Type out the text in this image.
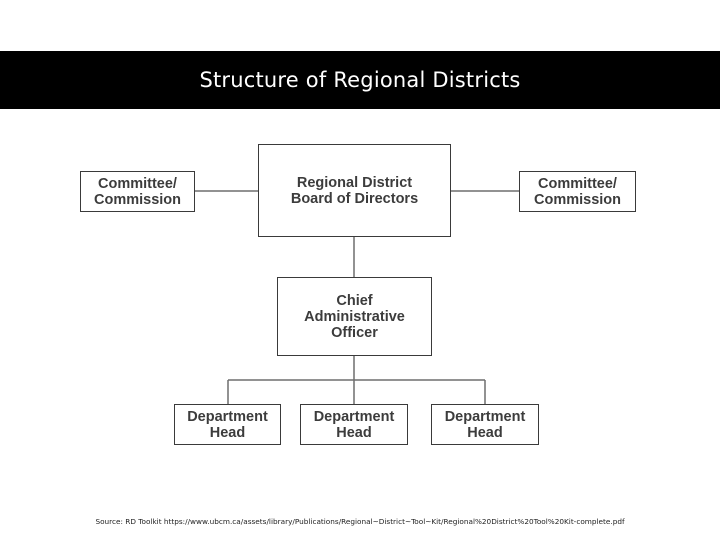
Structure of Regional Districts
Committee/
Commission
Regional District
Board of Directors
Committee/
Commission
Chief
Administrative
Officer
Department
Head
Department
Head
Department
Head
Source: RD Toolkit https://www.ubcm.ca/assets/library/Publications/Regional~District~Tool~Kit/Regional%20District%20Tool%20Kit-complete.pdf
